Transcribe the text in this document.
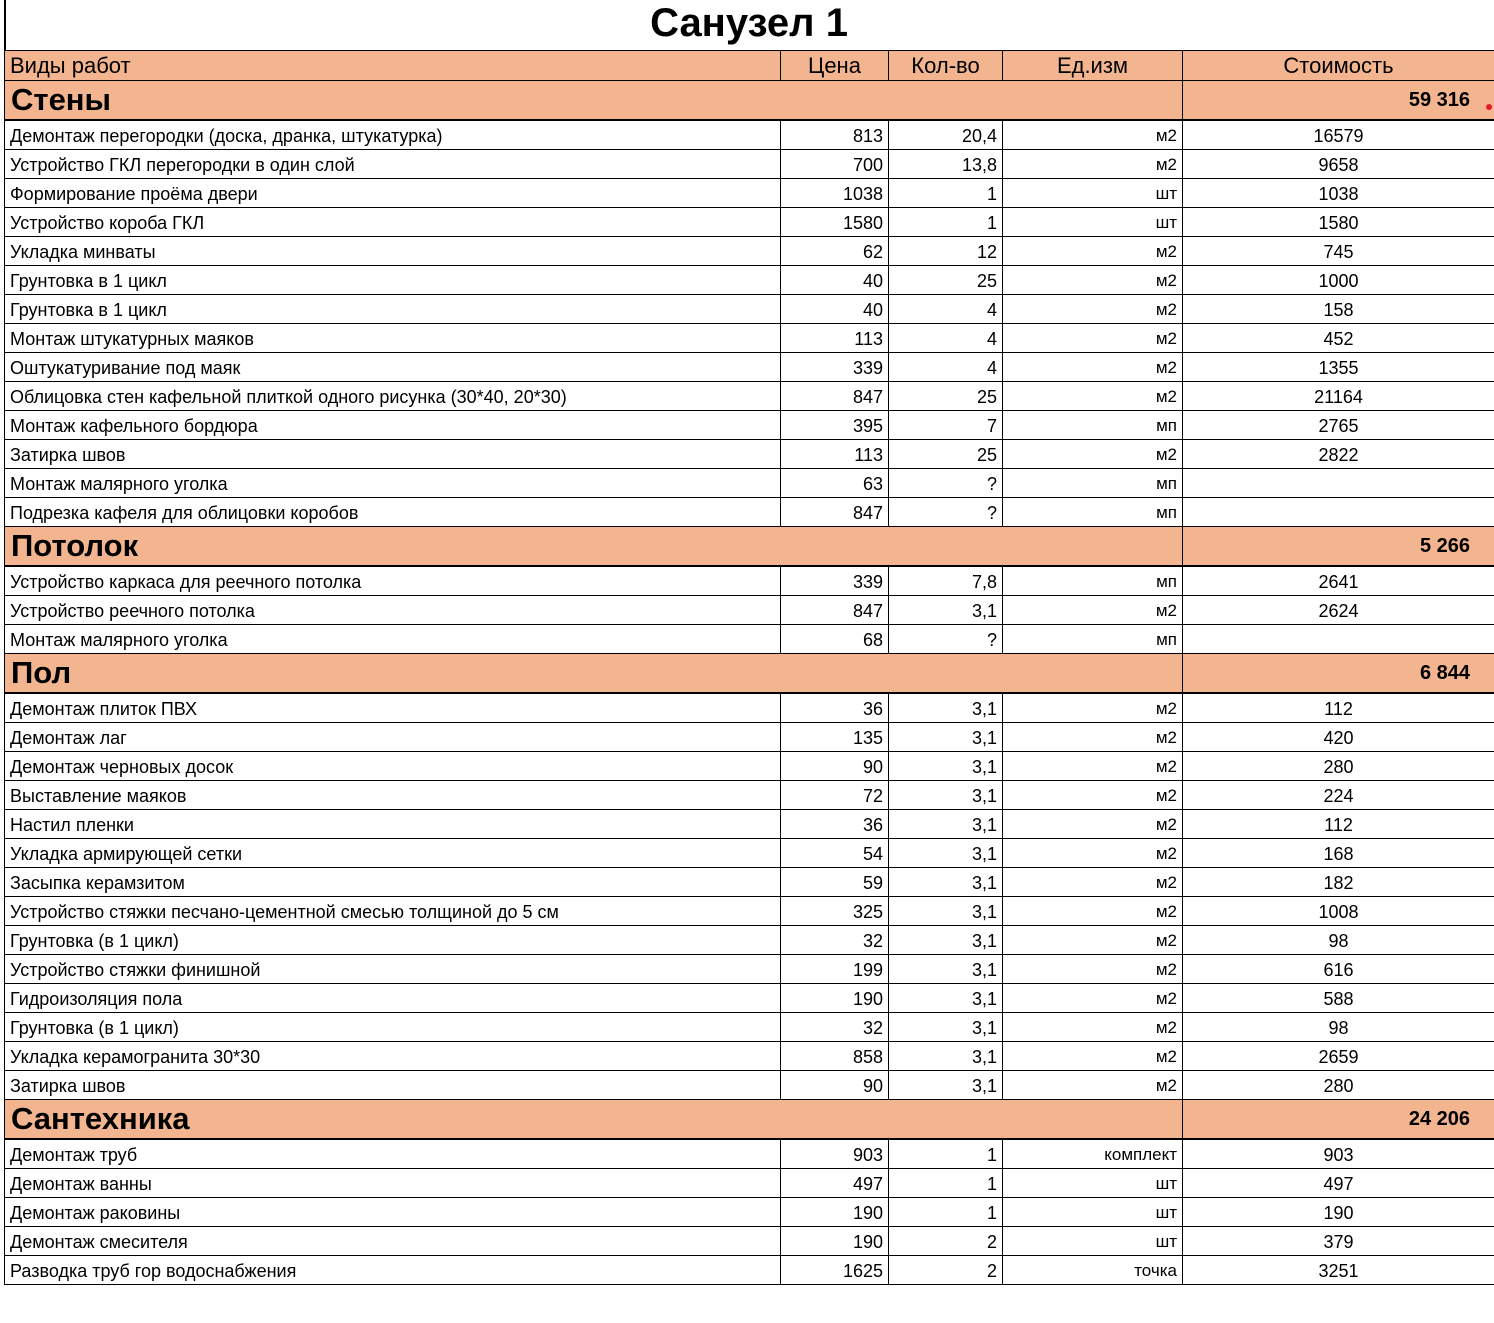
Санузел 1
Виды работ	Цена	Кол-во	Ед.изм	Стоимость
Стены				59 316
Демонтаж перегородки (доска, дранка, штукатурка)	813	20,4	м2	16579
Устройство ГКЛ перегородки в один слой	700	13,8	м2	9658
Формирование проёма двери	1038	1	шт	1038
Устройство короба ГКЛ	1580	1	шт	1580
Укладка минваты	62	12	м2	745
Грунтовка в 1 цикл	40	25	м2	1000
Грунтовка в 1 цикл	40	4	м2	158
Монтаж штукатурных маяков	113	4	м2	452
Оштукатуривание под маяк	339	4	м2	1355
Облицовка стен кафельной плиткой одного рисунка (30*40, 20*30)	847	25	м2	21164
Монтаж кафельного бордюра	395	7	мп	2765
Затирка швов	113	25	м2	2822
Монтаж малярного уголка	63	?	мп	
Подрезка кафеля для облицовки коробов	847	?	мп	
Потолок				5 266
Устройство каркаса для реечного потолка	339	7,8	мп	2641
Устройство реечного потолка	847	3,1	м2	2624
Монтаж малярного уголка	68	?	мп	
Пол				6 844
Демонтаж плиток ПВХ	36	3,1	м2	112
Демонтаж лаг	135	3,1	м2	420
Демонтаж черновых досок	90	3,1	м2	280
Выставление маяков	72	3,1	м2	224
Настил пленки	36	3,1	м2	112
Укладка армирующей сетки	54	3,1	м2	168
Засыпка керамзитом	59	3,1	м2	182
Устройство стяжки песчано-цементной смесью толщиной до 5 см	325	3,1	м2	1008
Грунтовка (в 1 цикл)	32	3,1	м2	98
Устройство стяжки финишной	199	3,1	м2	616
Гидроизоляция пола	190	3,1	м2	588
Грунтовка (в 1 цикл)	32	3,1	м2	98
Укладка керамогранита 30*30	858	3,1	м2	2659
Затирка швов	90	3,1	м2	280
Сантехника				24 206
Демонтаж труб	903	1	комплект	903
Демонтаж ванны	497	1	шт	497
Демонтаж раковины	190	1	шт	190
Демонтаж смесителя	190	2	шт	379
Разводка труб гор водоснабжения	1625	2	точка	3251
